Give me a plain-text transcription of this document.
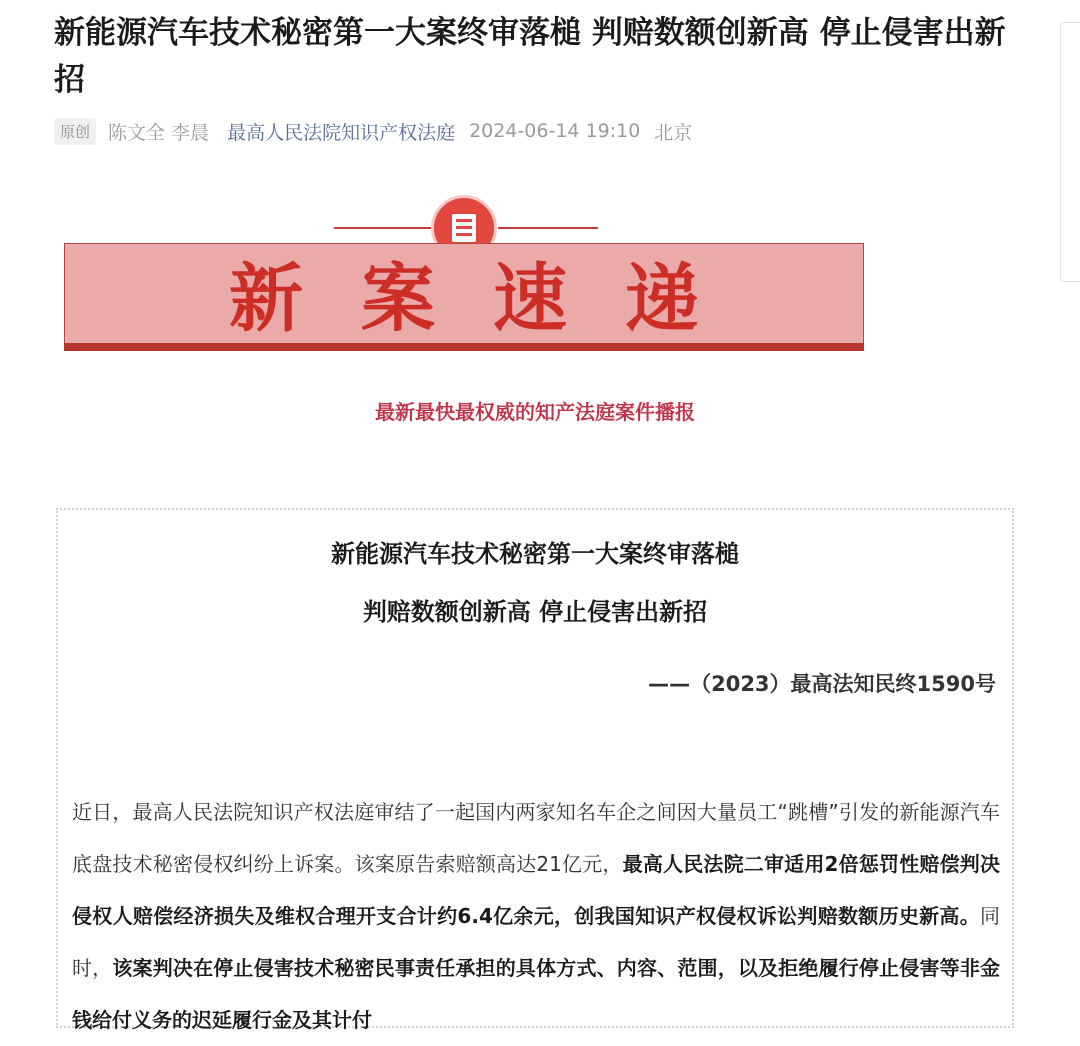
新能源汽车技术秘密第一大案终审落槌 判赔数额创新高 停止侵害出新招
原创 陈文全 李晨 最高人民法院知识产权法庭 2024-06-14 19:10 北京
新案速递
最新最快最权威的知产法庭案件播报
新能源汽车技术秘密第一大案终审落槌
判赔数额创新高 停止侵害出新招
——（2023）最高法知民终1590号

近日，最高人民法院知识产权法庭审结了一起国内两家知名车企之间因大量员工“跳槽”引发的新能源汽车底盘技术秘密侵权纠纷上诉案。该案原告索赔额高达21亿元，最高人民法院二审适用2倍惩罚性赔偿判决侵权人赔偿经济损失及维权合理开支合计约6.4亿余元，创我国知识产权侵权诉讼判赔数额历史新高。同时，该案判决在停止侵害技术秘密民事责任承担的具体方式、内容、范围，以及拒绝履行停止侵害等非金钱给付义务的迟延履行金及其计付
